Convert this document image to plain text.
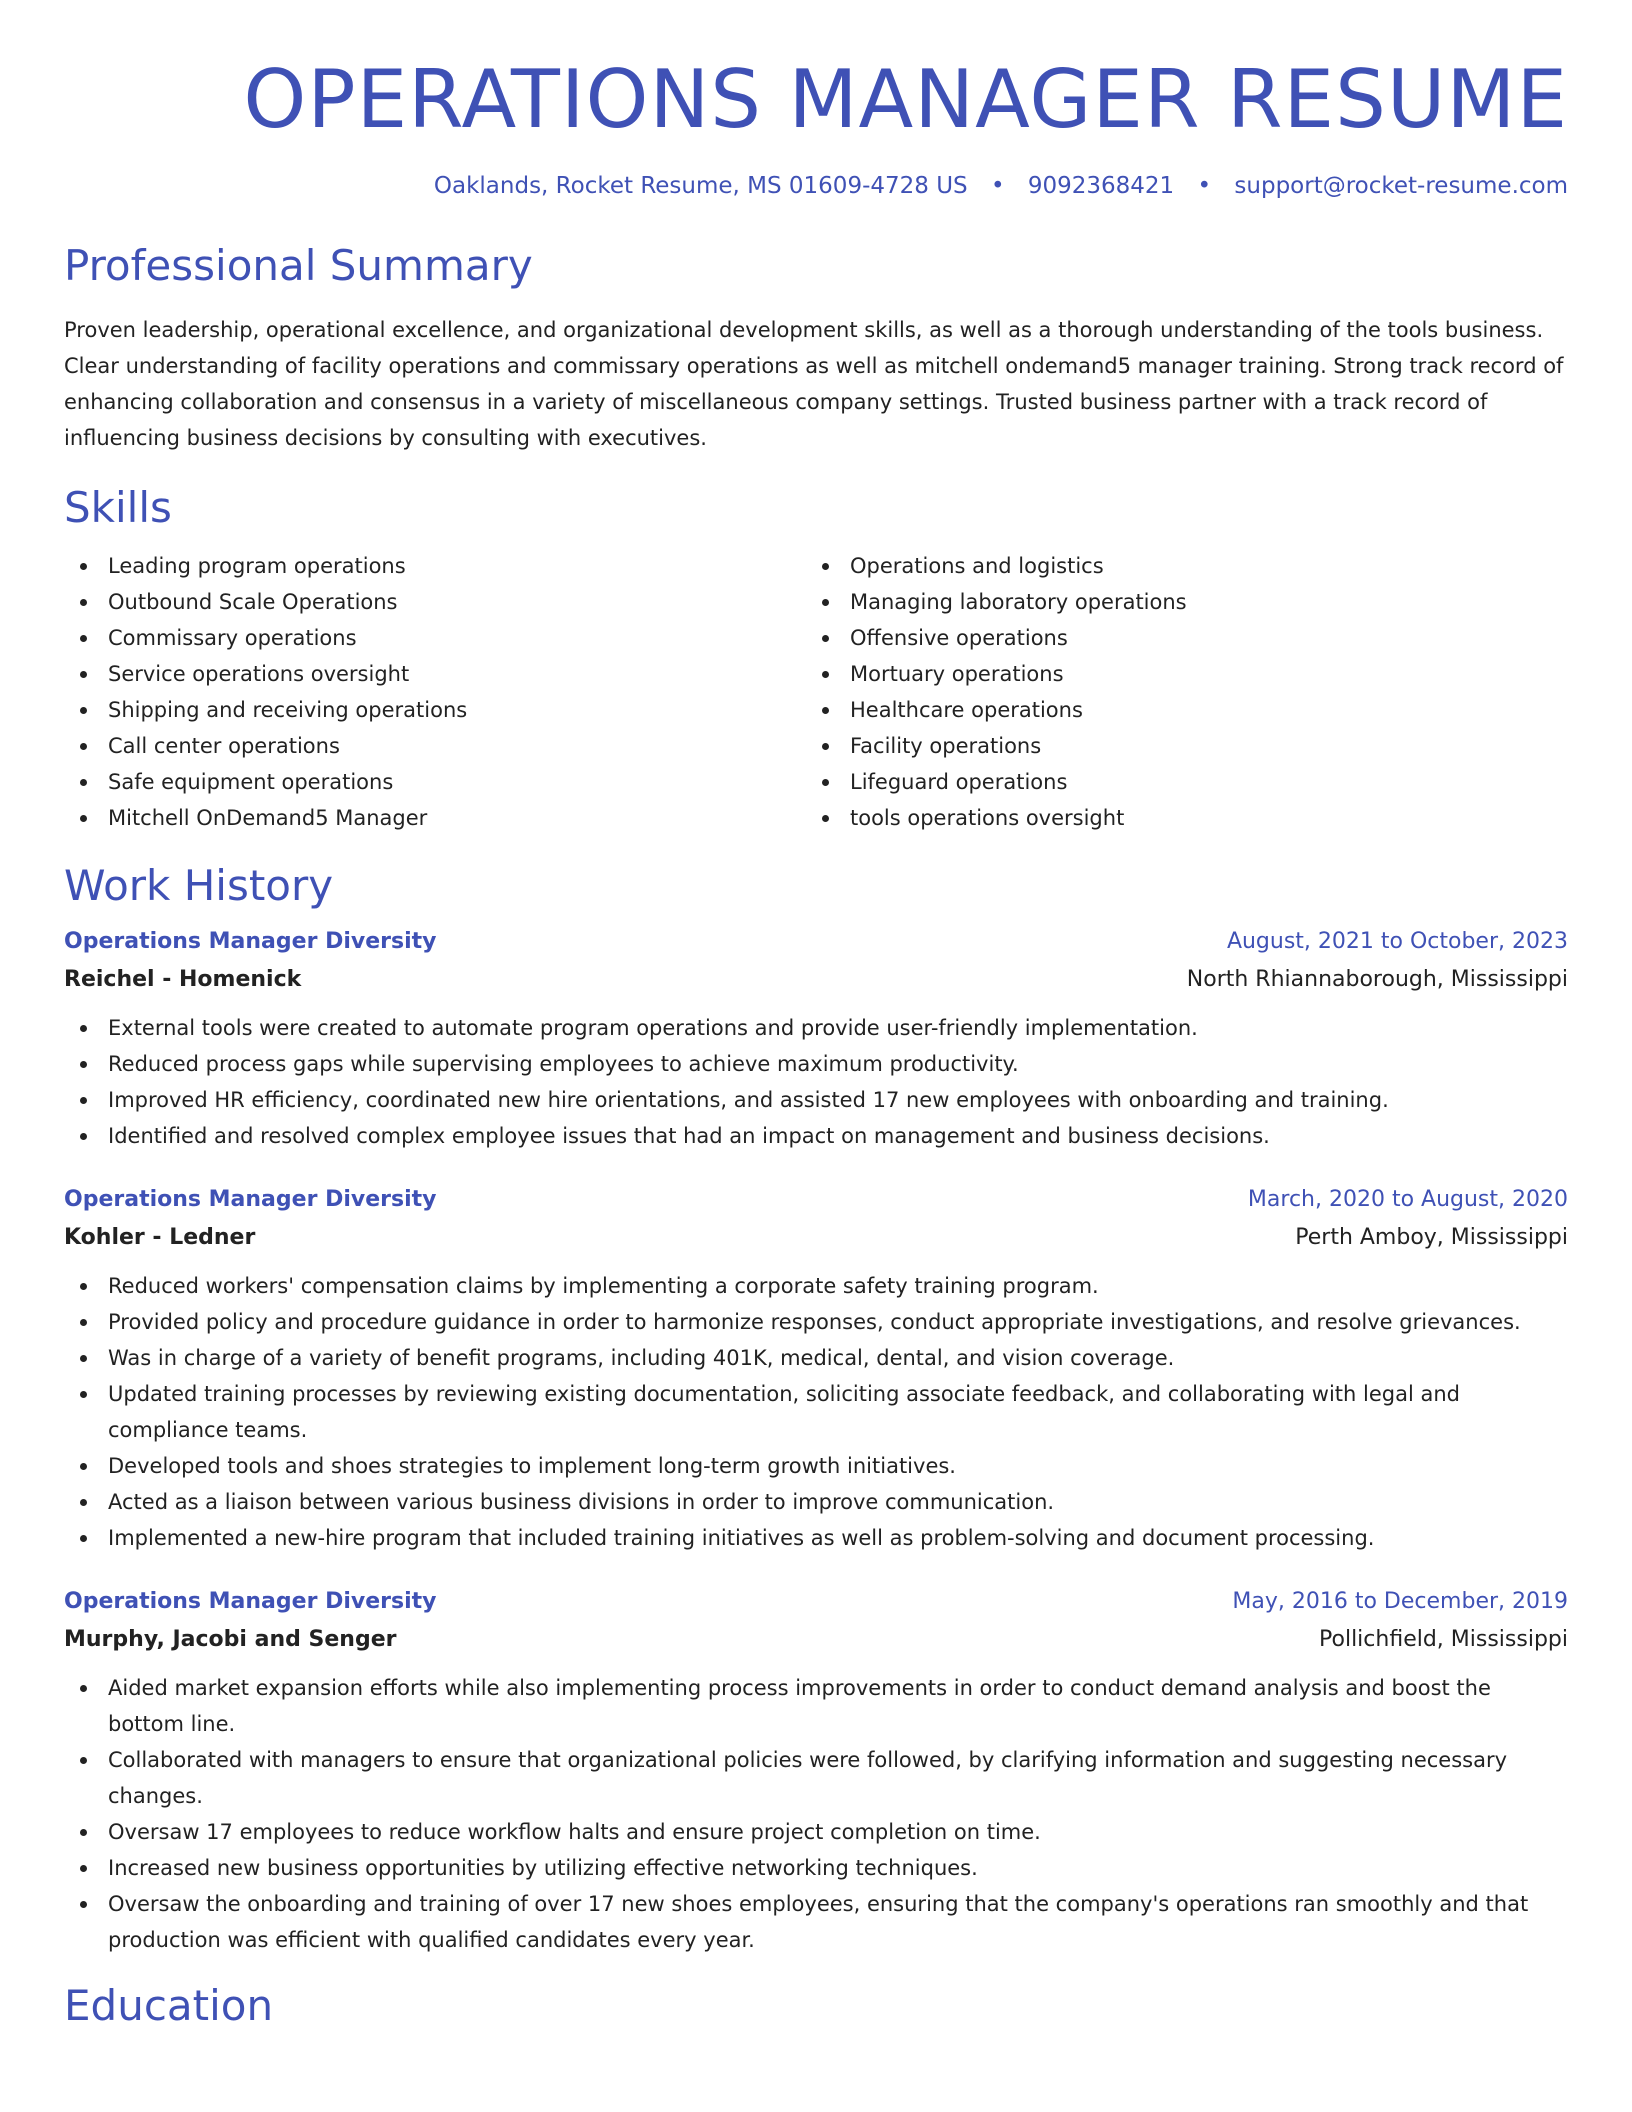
OPERATIONS MANAGER RESUME
Oaklands, Rocket Resume, MS 01609-4728 US • 9092368421 • support@rocket-resume.com
Professional Summary
Proven leadership, operational excellence, and organizational development skills, as well as a thorough understanding of the tools business. Clear understanding of facility operations and commissary operations as well as mitchell ondemand5 manager training. Strong track record of enhancing collaboration and consensus in a variety of miscellaneous company settings. Trusted business partner with a track record of influencing business decisions by consulting with executives.
Skills
Leading program operations
Outbound Scale Operations
Commissary operations
Service operations oversight
Shipping and receiving operations
Call center operations
Safe equipment operations
Mitchell OnDemand5 Manager
Operations and logistics
Managing laboratory operations
Offensive operations
Mortuary operations
Healthcare operations
Facility operations
Lifeguard operations
tools operations oversight
Work History
Operations Manager Diversity	August, 2021 to October, 2023
Reichel - Homenick	North Rhiannaborough, Mississippi
External tools were created to automate program operations and provide user-friendly implementation.
Reduced process gaps while supervising employees to achieve maximum productivity.
Improved HR efficiency, coordinated new hire orientations, and assisted 17 new employees with onboarding and training.
Identified and resolved complex employee issues that had an impact on management and business decisions.
Operations Manager Diversity	March, 2020 to August, 2020
Kohler - Ledner	Perth Amboy, Mississippi
Reduced workers' compensation claims by implementing a corporate safety training program.
Provided policy and procedure guidance in order to harmonize responses, conduct appropriate investigations, and resolve grievances.
Was in charge of a variety of benefit programs, including 401K, medical, dental, and vision coverage.
Updated training processes by reviewing existing documentation, soliciting associate feedback, and collaborating with legal and compliance teams.
Developed tools and shoes strategies to implement long-term growth initiatives.
Acted as a liaison between various business divisions in order to improve communication.
Implemented a new-hire program that included training initiatives as well as problem-solving and document processing.
Operations Manager Diversity	May, 2016 to December, 2019
Murphy, Jacobi and Senger	Pollichfield, Mississippi
Aided market expansion efforts while also implementing process improvements in order to conduct demand analysis and boost the bottom line.
Collaborated with managers to ensure that organizational policies were followed, by clarifying information and suggesting necessary changes.
Oversaw 17 employees to reduce workflow halts and ensure project completion on time.
Increased new business opportunities by utilizing effective networking techniques.
Oversaw the onboarding and training of over 17 new shoes employees, ensuring that the company's operations ran smoothly and that production was efficient with qualified candidates every year.
Education
